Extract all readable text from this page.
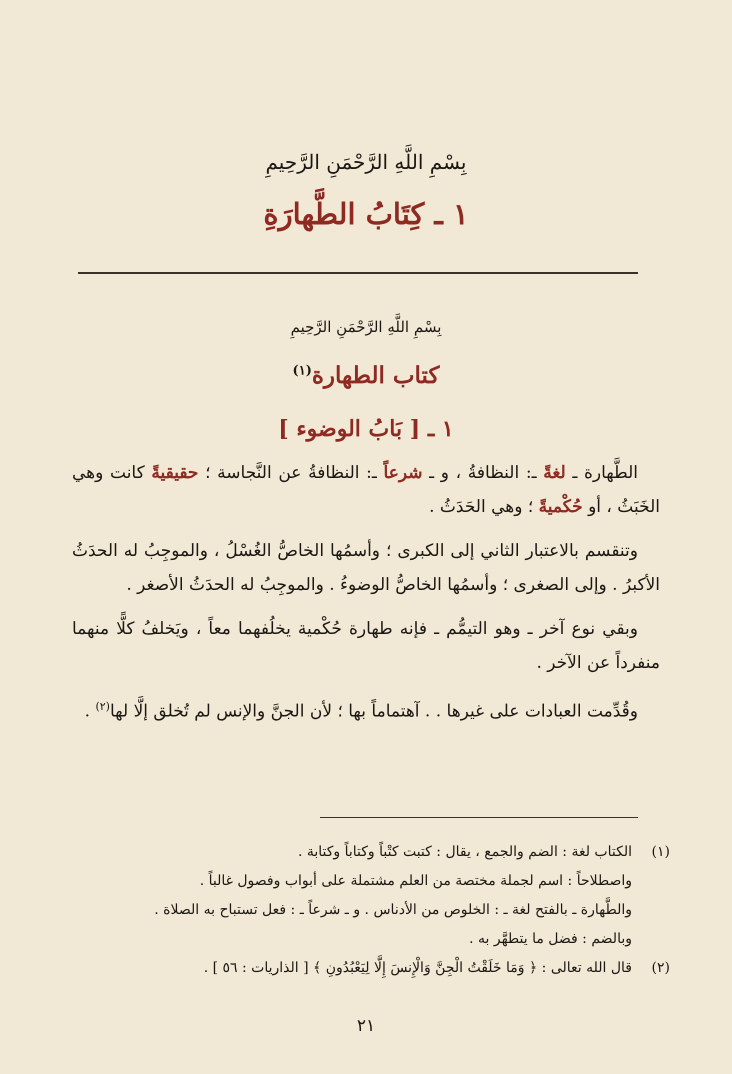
بِسْمِ اللَّهِ الرَّحْمَنِ الرَّحِيمِ
١ ـ كِتَابُ الطَّهارَةِ
بِسْمِ اللَّهِ الرَّحْمَنِ الرَّحِيمِ
كتاب الطهارة$^{(١)}$
١ ـ [ بَابُ الوضوء ]

الطَّهارة ـ لغةً ـ: النظافةُ ، و ـ شرعاً ـ: النظافةُ عن النَّجاسة ؛ حقيقيةً كانت وهي الخَبَثُ ، أو حُكْميةً ؛ وهي الحَدَثُ .

وتنقسم بالاعتبار الثاني إلى الكبرى ؛ وأسمُها الخاصُّ الغُسْلُ ، والموجِبُ له الحدَثُ الأكبرُ . وإلى الصغرى ؛ وأسمُها الخاصُّ الوضوءُ . والموجِبُ له الحدَثُ الأصغر .

وبقي نوع آخر ـ وهو التيمُّم ـ فإنه طهارة حُكْمية يخلُفهما معاً ، ويَخلفُ كلًّا منهما منفرداً عن الآخر .

وقُدِّمت العبادات على غيرها . . آهتماماً بها ؛ لأن الجنَّ والإنس لم تُخلق إلَّا لها$^{(٢)}$ .

(١)

الكتاب لغة : الضم والجمع ، يقال : كتبت كتْباً وكتاباً وكتابة .

واصطلاحاً : اسم لجملة مختصة من العلم مشتملة على أبواب وفصول غالباً .

والطَّهارة ـ بالفتح لغة ـ : الخلوص من الأدناس . و ـ شرعاً ـ : فعل تستباح به الصلاة .

وبالضم : فضل ما يتطهَّر به .

(٢)

قال الله تعالى : ﴿ وَمَا خَلَقْتُ الْجِنَّ وَالْإِنسَ إِلَّا لِيَعْبُدُونِ ﴾ [ الذاريات : ٥٦ ] .

٢١
